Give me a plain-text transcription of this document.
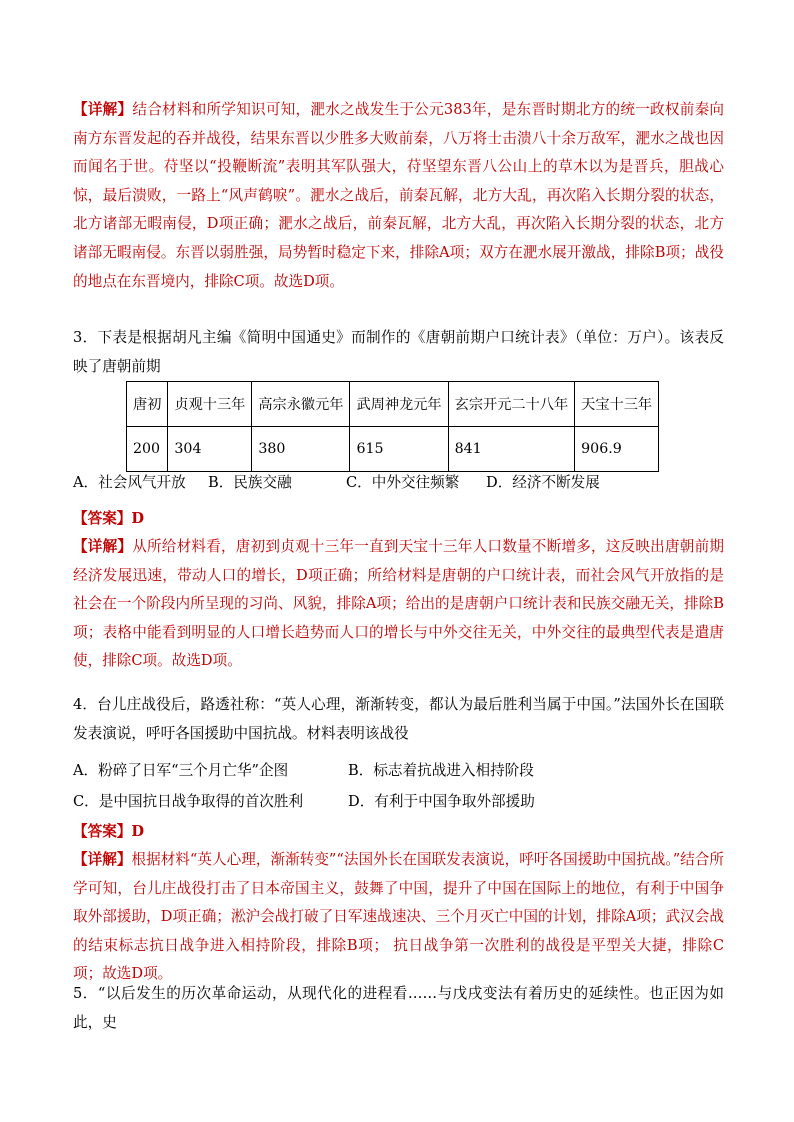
【详解】结合材料和所学知识可知，淝水之战发生于公元383年，是东晋时期北方的统一政权前秦向南方东晋发起的吞并战役，结果东晋以少胜多大败前秦，八万将士击溃八十余万敌军，淝水之战也因而闻名于世。苻坚以“投鞭断流”表明其军队强大，苻坚望东晋八公山上的草木以为是晋兵，胆战心惊，最后溃败，一路上“风声鹤唳”。淝水之战后，前秦瓦解，北方大乱，再次陷入长期分裂的状态，北方诸部无暇南侵，D项正确；淝水之战后，前秦瓦解，北方大乱，再次陷入长期分裂的状态，北方诸部无暇南侵。东晋以弱胜强，局势暂时稳定下来，排除A项；双方在淝水展开激战，排除B项；战役的地点在东晋境内，排除C项。故选D项。

3．下表是根据胡凡主编《简明中国通史》而制作的《唐朝前期户口统计表》（单位：万户）。该表反映了唐朝前期

唐初	贞观十三年	高宗永徽元年	武周神龙元年	玄宗开元二十八年	天宝十三年
200	304	380	615	841	906.9
A．社会风气开放 B．民族交融	C．中外交往频繁 D．经济不断发展

【答案】D

【详解】从所给材料看，唐初到贞观十三年一直到天宝十三年人口数量不断增多，这反映出唐朝前期经济发展迅速，带动人口的增长，D项正确；所给材料是唐朝的户口统计表，而社会风气开放指的是社会在一个阶段内所呈现的习尚、风貌，排除A项；给出的是唐朝户口统计表和民族交融无关，排除B项；表格中能看到明显的人口增长趋势而人口的增长与中外交往无关，中外交往的最典型代表是遣唐使，排除C项。故选D项。

4．台儿庄战役后，路透社称：“英人心理，渐渐转变，都认为最后胜利当属于中国。”法国外长在国联发表演说，呼吁各国援助中国抗战。材料表明该战役

A．粉碎了日军“三个月亡华”企图	B．标志着抗战进入相持阶段
C．是中国抗日战争取得的首次胜利	D．有利于中国争取外部援助

【答案】D

【详解】根据材料“英人心理，渐渐转变”“法国外长在国联发表演说，呼吁各国援助中国抗战。”结合所学可知，台儿庄战役打击了日本帝国主义，鼓舞了中国，提升了中国在国际上的地位，有利于中国争取外部援助，D项正确；淞沪会战打破了日军速战速决、三个月灭亡中国的计划，排除A项；武汉会战的结束标志抗日战争进入相持阶段，排除B项； 抗日战争第一次胜利的战役是平型关大捷，排除C项；故选D项。

5．“以后发生的历次革命运动，从现代化的进程看……与戊戌变法有着历史的延续性。也正因为如此，史
